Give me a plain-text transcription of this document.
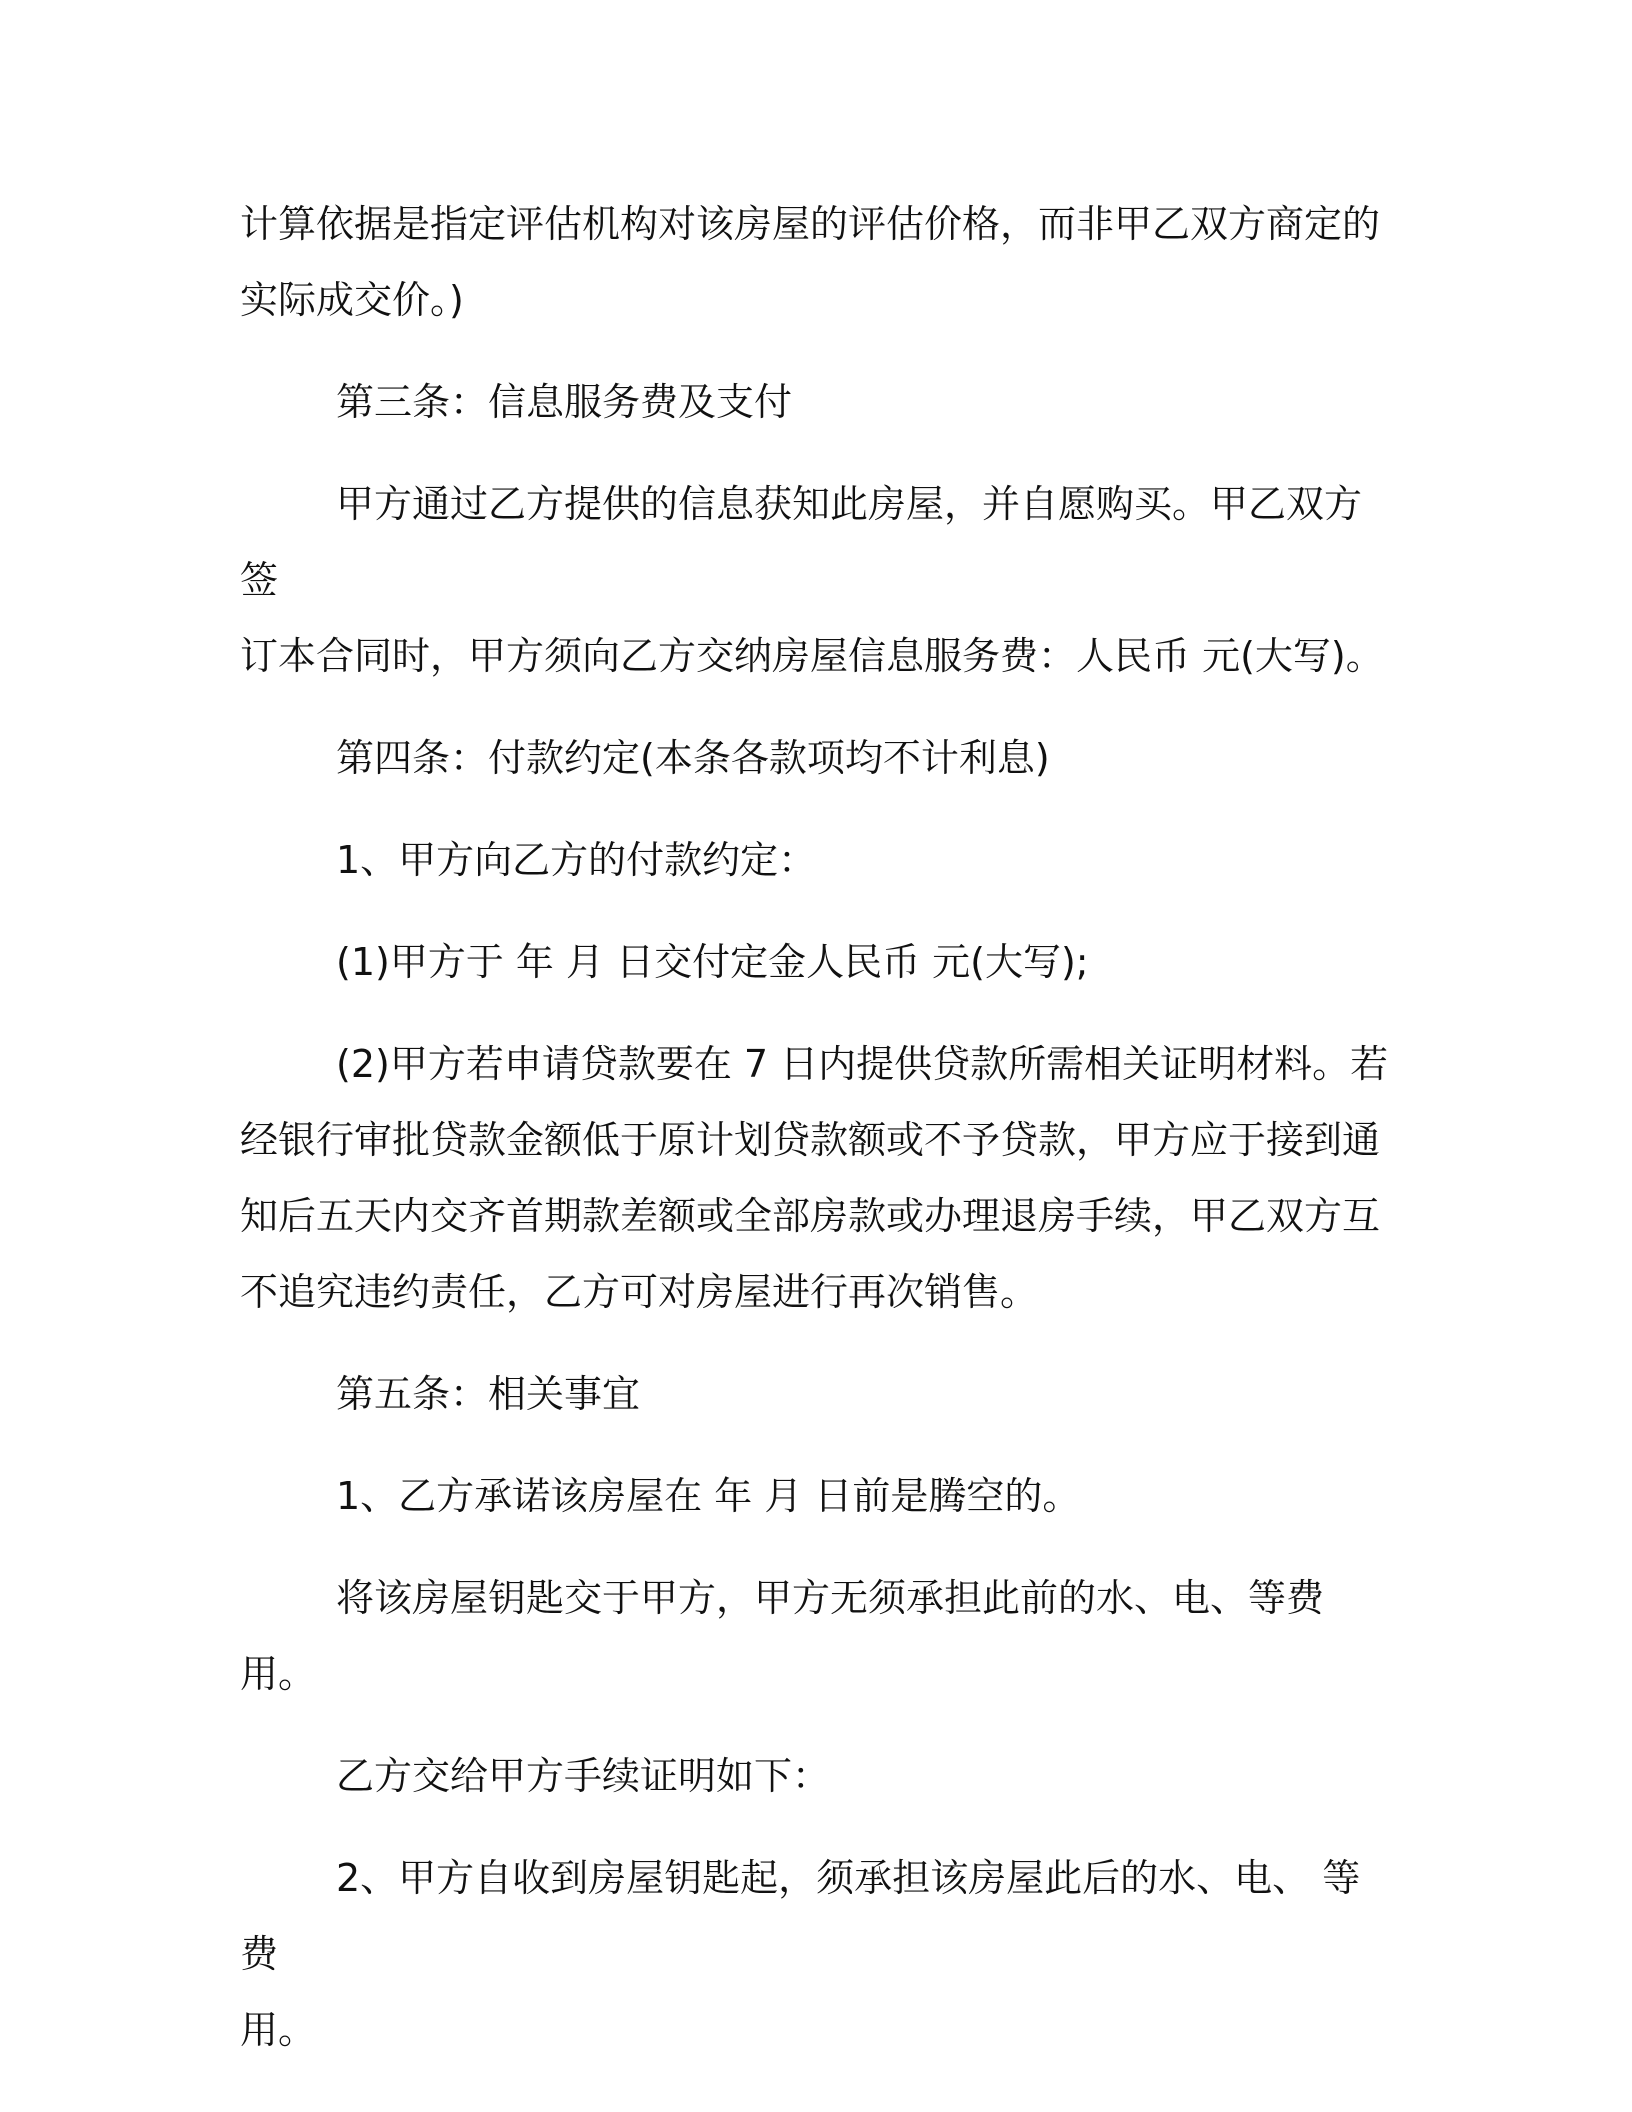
计算依据是指定评估机构对该房屋的评估价格，而非甲乙双方商定的
实际成交价。)
第三条：信息服务费及支付
甲方通过乙方提供的信息获知此房屋，并自愿购买。甲乙双方签
订本合同时，甲方须向乙方交纳房屋信息服务费：人民币 元(大写)。
第四条：付款约定(本条各款项均不计利息)
1、甲方向乙方的付款约定：
(1)甲方于 年 月 日交付定金人民币 元(大写);
(2)甲方若申请贷款要在 7 日内提供贷款所需相关证明材料。若
经银行审批贷款金额低于原计划贷款额或不予贷款，甲方应于接到通
知后五天内交齐首期款差额或全部房款或办理退房手续，甲乙双方互
不追究违约责任，乙方可对房屋进行再次销售。
第五条：相关事宜
1、乙方承诺该房屋在 年 月 日前是腾空的。
将该房屋钥匙交于甲方，甲方无须承担此前的水、电、等费用。
乙方交给甲方手续证明如下：
2、甲方自收到房屋钥匙起，须承担该房屋此后的水、电、 等费
用。
